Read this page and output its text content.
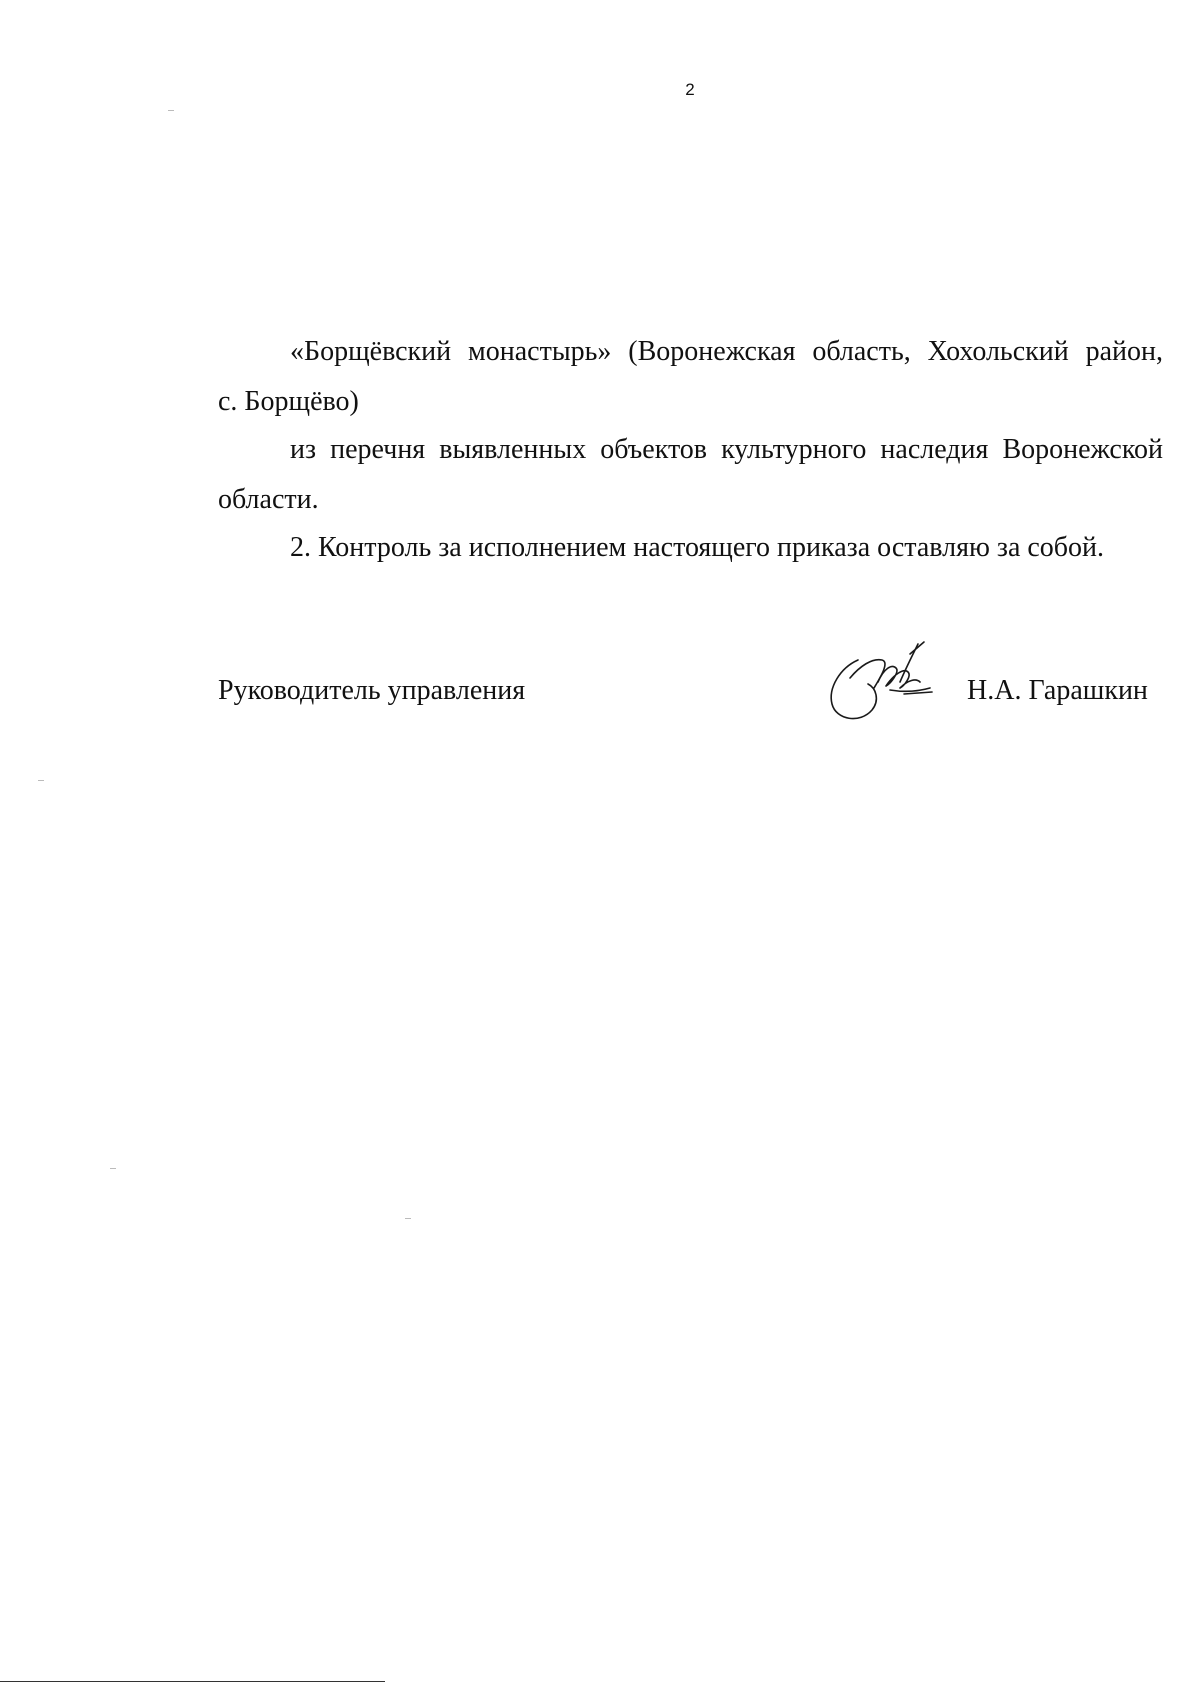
2

«Борщёвский монастырь» (Воронежская область, Хохольский район,

с. Борщёво)

из перечня выявленных объектов культурного наследия Воронежской

области.

2. Контроль за исполнением настоящего приказа оставляю за собой.

Руководитель управления	Н.А. Гарашкин
